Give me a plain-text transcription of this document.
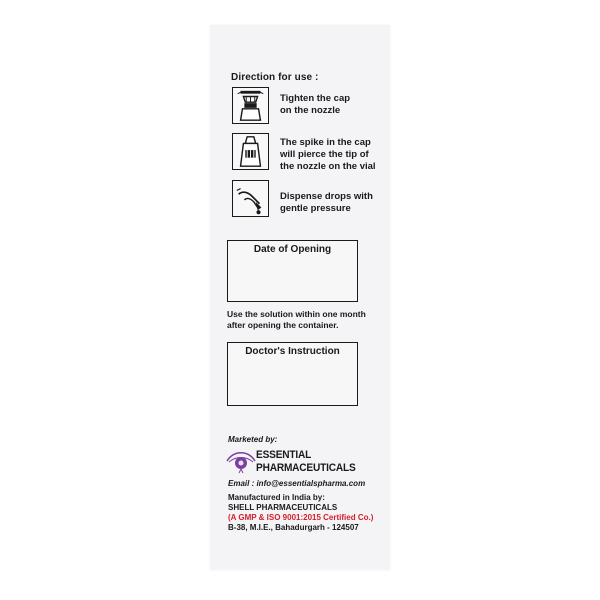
Direction for use :
Tighten the cap
on the nozzle
The spike in the cap
will pierce the tip of
the nozzle on the vial
Dispense drops with
gentle pressure
Date of Opening
Use the solution within one month
after opening the container.
Doctor's Instruction
Marketed by:
ESSENTIAL
PHARMACEUTICALS
Email : info@essentialspharma.com
Manufactured in India by:
SHELL PHARMACEUTICALS
(A GMP & ISO 9001:2015 Certified Co.)
B-38, M.I.E., Bahadurgarh - 124507
